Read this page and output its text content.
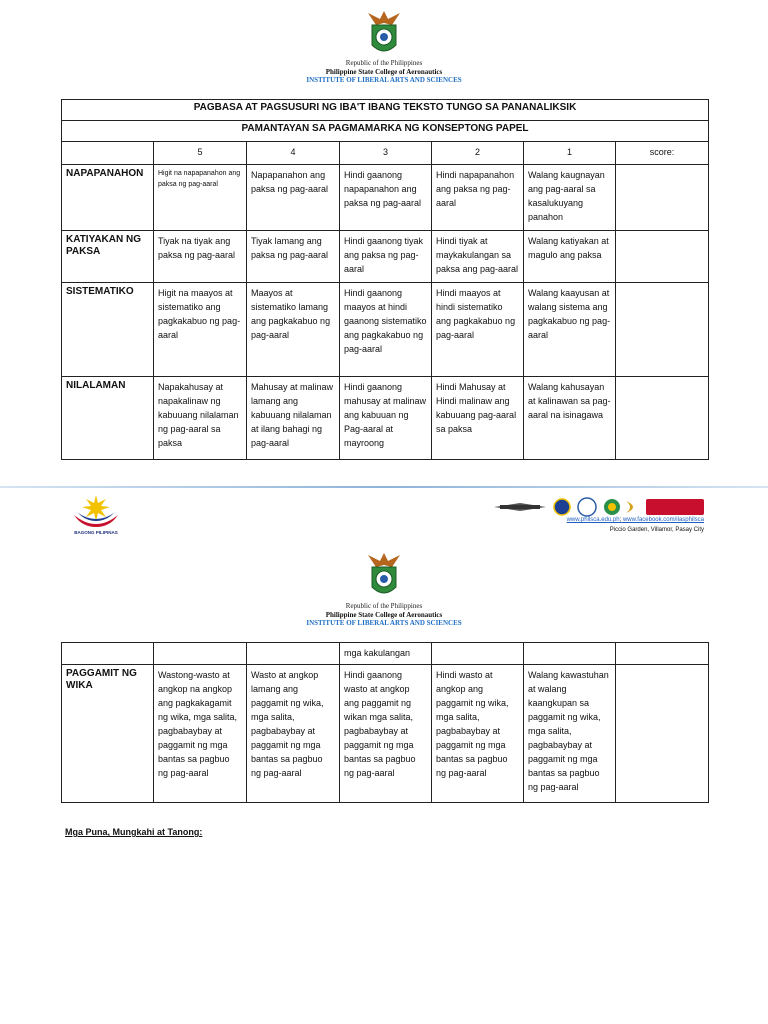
Republic of the Philippines
Philippine State College of Aeronautics
INSTITUTE OF LIBERAL ARTS AND SCIENCES
PAGBASA AT PAGSUSURI NG IBA'T IBANG TEKSTO TUNGO SA PANANALIKSIK						
PAMANTAYAN SA PAGMAMARKA NG KONSEPTONG PAPEL						
	5	4	3	2	1	score:
NAPAPANAHON	Higit na napapanahon ang paksa ng pag-aaral	Napapanahon ang paksa ng pag-aaral	Hindi gaanong napapanahon ang paksa ng pag-aaral	Hindi napapanahon ang paksa ng pag-aaral	Walang kaugnayan ang pag-aaral sa kasalukuyang panahon	
KATIYAKAN NG PAKSA	Tiyak na tiyak ang paksa ng pag-aaral	Tiyak lamang ang paksa ng pag-aaral	Hindi gaanong tiyak ang paksa ng pag-aaral	Hindi tiyak at maykakulangan sa paksa ang pag-aaral	Walang katiyakan at magulo ang paksa	
SISTEMATIKO	Higit na maayos at sistematiko ang pagkakabuo ng pag-aaral	Maayos at sistematiko lamang ang pagkakabuo ng pag-aaral	Hindi gaanong maayos at hindi gaanong sistematiko ang pagkakabuo ng pag-aaral	Hindi maayos at hindi sistematiko ang pagkakabuo ng pag-aaral	Walang kaayusan at walang sistema ang pagkakabuo ng pag-aaral	
NILALAMAN	Napakahusay at napakalinaw ng kabuuang nilalaman ng pag-aaral sa paksa	Mahusay at malinaw lamang ang kabuuang nilalaman at ilang bahagi ng pag-aaral	Hindi gaanong mahusay at malinaw ang kabuuan ng Pag-aaral at mayroong	Hindi Mahusay at Hindi malinaw ang kabuuang pag-aaral sa paksa	Walang kahusayan at kalinawan sa pag-aaral na isinagawa	
BAGONG PILIPINAS
www.philsca.edu.ph; www.facebook.com/ilasphilsca
Piccio Garden, Villamor, Pasay City
Republic of the Philippines
Philippine State College of Aeronautics
INSTITUTE OF LIBERAL ARTS AND SCIENCES
			mga kakulangan			
PAGGAMIT NG WIKA	Wastong-wasto at angkop na angkop ang pagkakagamit ng wika, mga salita, pagbabaybay at paggamit ng mga bantas sa pagbuo ng pag-aaral	Wasto at angkop lamang ang paggamit ng wika, mga salita, pagbabaybay at paggamit ng mga bantas sa pagbuo ng pag-aaral	Hindi gaanong wasto at angkop ang paggamit ng wikan mga salita, pagbabaybay at paggamit ng mga bantas sa pagbuo ng pag-aaral	Hindi wasto at angkop ang paggamit ng wika, mga salita, pagbabaybay at paggamit ng mga bantas sa pagbuo ng pag-aaral	Walang kawastuhan at walang kaangkupan sa paggamit ng wika, mga salita, pagbabaybay at paggamit ng mga bantas sa pagbuo ng pag-aaral	
Mga Puna, Mungkahi at Tanong:
